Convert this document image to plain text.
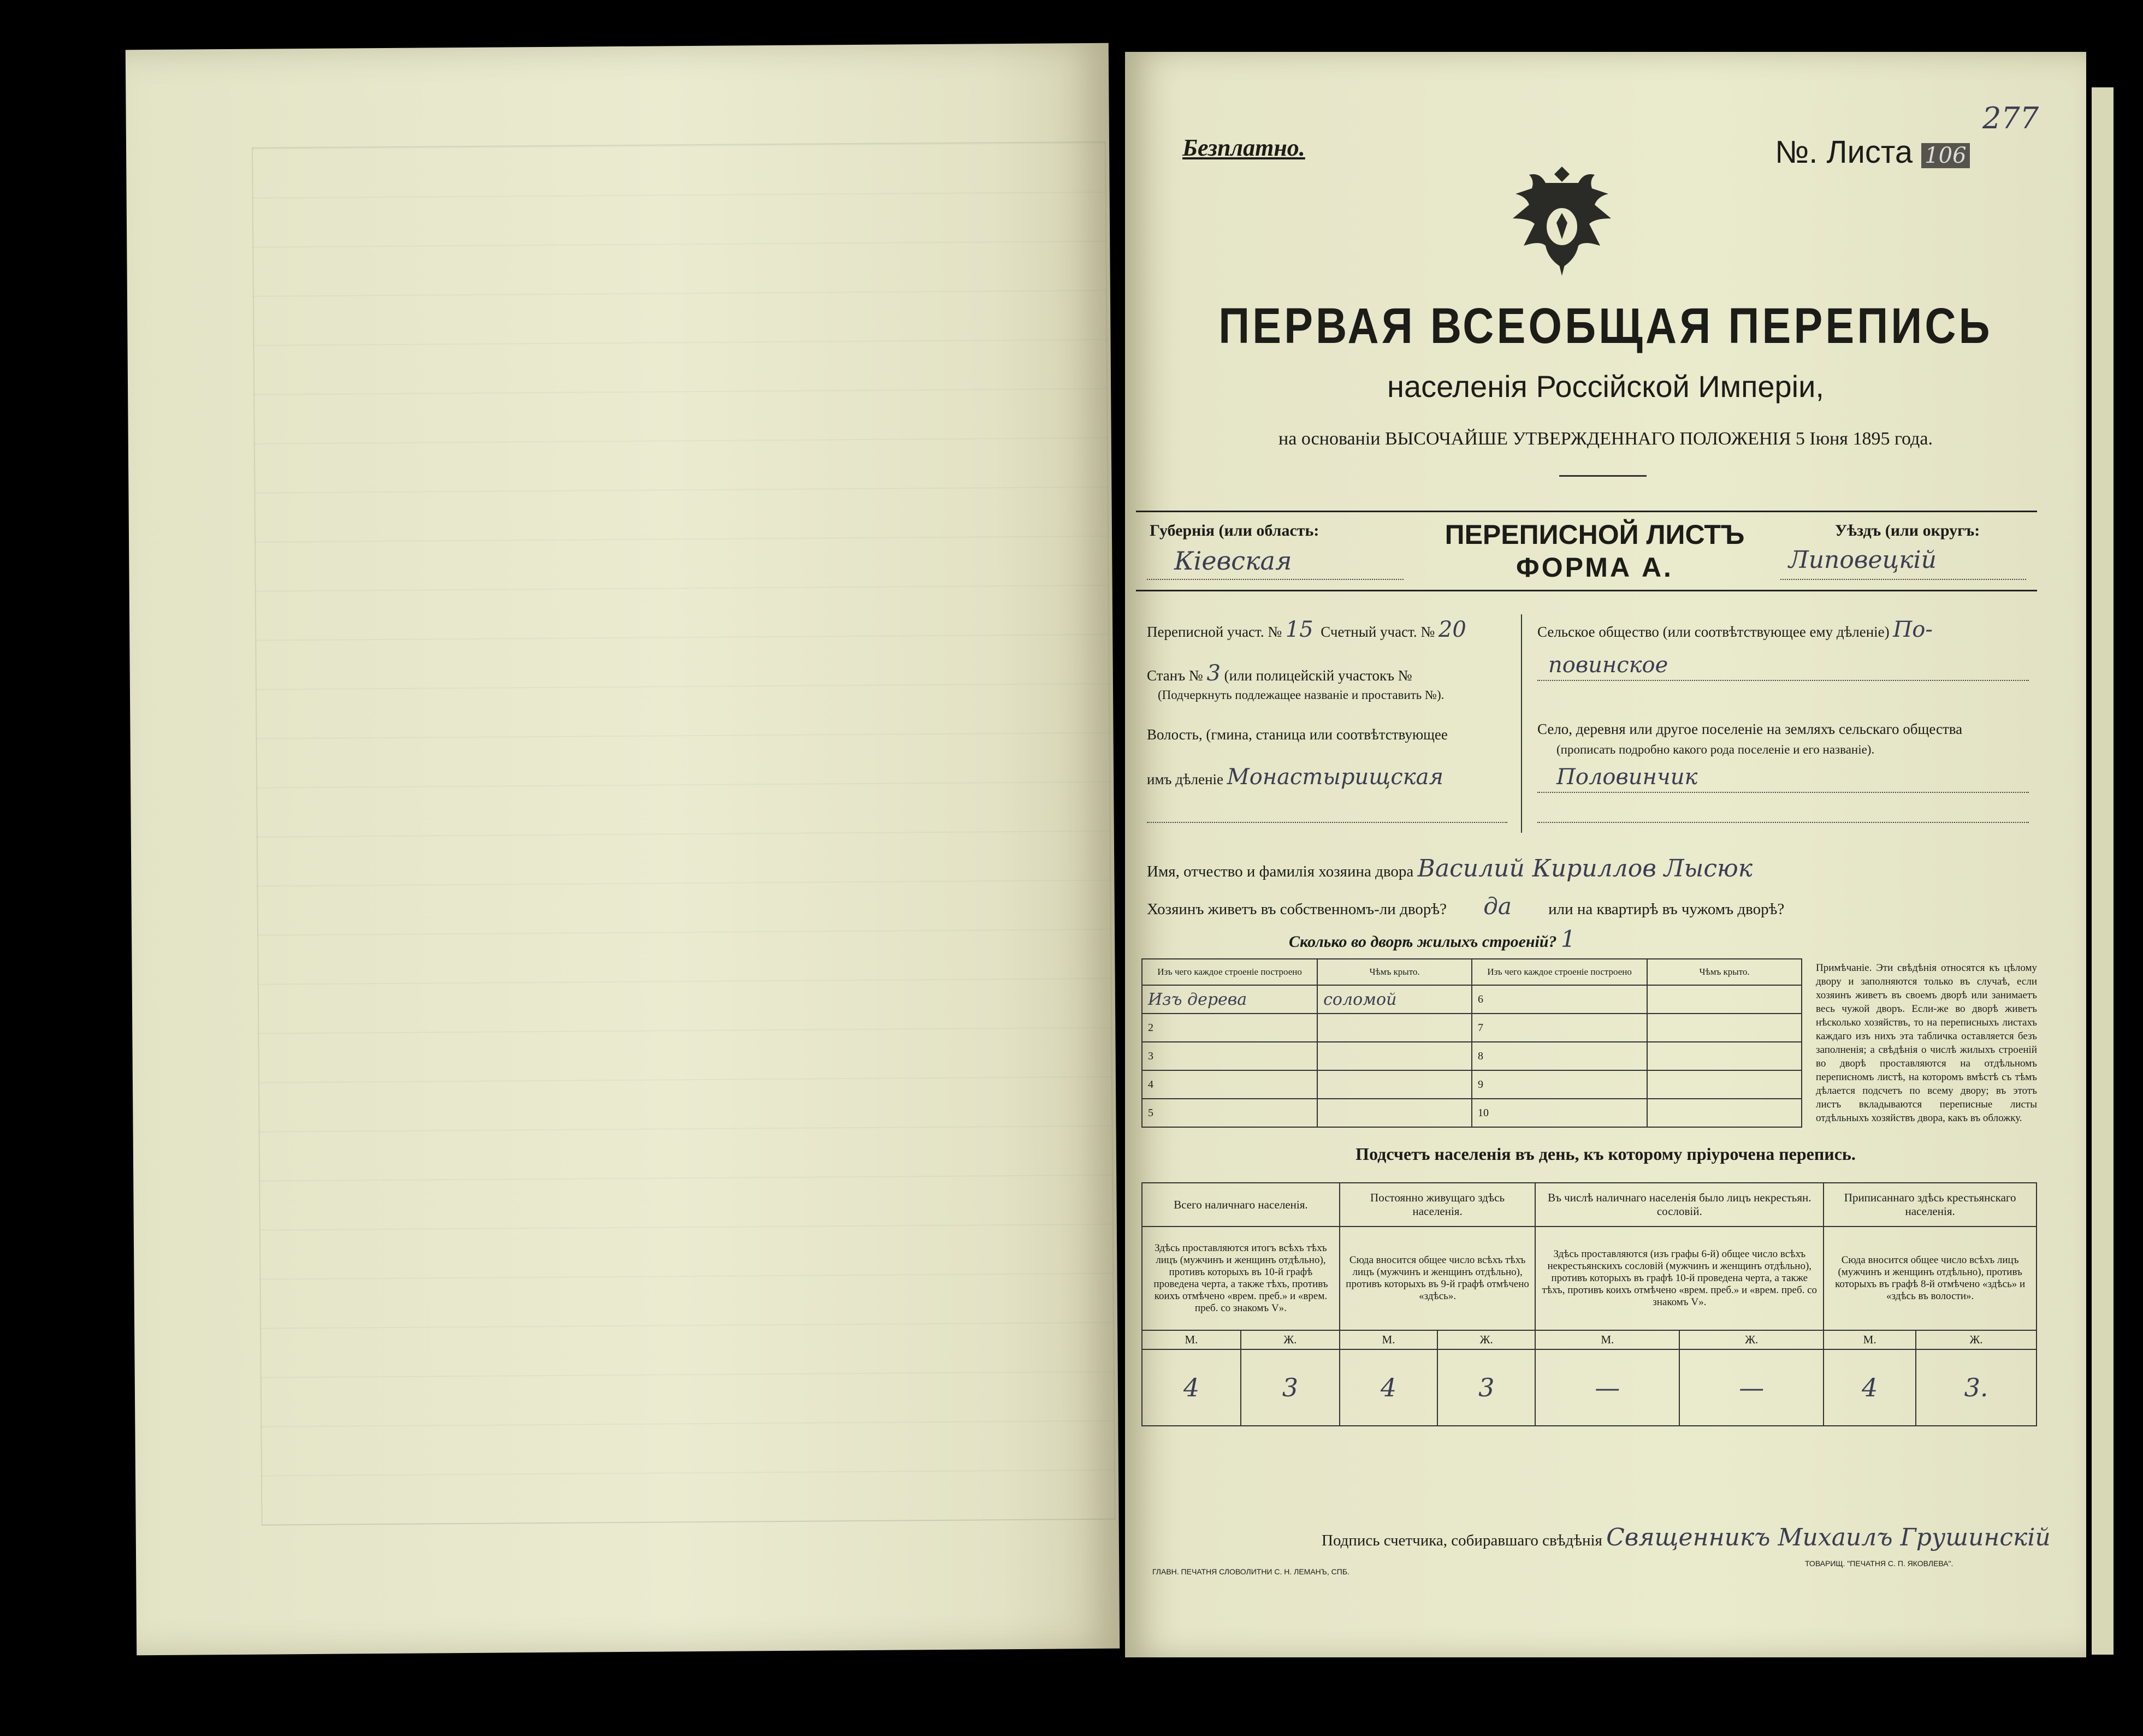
277
Безплатно.	№. Листа 106
ПЕРВАЯ ВСЕОБЩАЯ ПЕРЕПИСЬ
населенія Россійской Имперіи,
на основаніи ВЫСОЧАЙШЕ УТВЕРЖДЕННАГО ПОЛОЖЕНІЯ 5 Іюня 1895 года.
Губернія (или область:
Кіевская
ПЕРЕПИСНОЙ ЛИСТЪ
ФОРМА А.
Уѣздъ (или округъ:
Липовецкій
Переписной участ. № 15 Счетный участ. № 20
Станъ № 3 (или полицейскій участокъ №
(Подчеркнуть подлежащее названіе и проставить №).
Волость, (гмина, станица или соотвѣтствующее
имъ дѣленіе Монастырищская
Сельское общество (или соотвѣтствующее ему дѣленіе) По-
повинское
Село, деревня или другое поселеніе на земляхъ сельскаго общества
(прописать подробно какого рода поселеніе и его названіе).
Половинчик
Имя, отчество и фамилія хозяина двора Василий Кириллов Лысюк
Хозяинъ живетъ въ собственномъ-ли дворѣ? да или на квартирѣ въ чужомъ дворѣ?
Сколько во дворѣ жилыхъ строеній? 1
Изъ чего каждое строеніе построено	Чѣмъ крыто.	Изъ чего каждое строеніе построено	Чѣмъ крыто.
Изъ дерева	соломой	6	
2		7	
3		8	
4		9	
5		10	
Примѣчаніе. Эти свѣдѣнія относятся къ цѣлому двору и заполняются только въ случаѣ, если хозяинъ живетъ въ своемъ дворѣ или занимаетъ весь чужой дворъ. Если-же во дворѣ живетъ нѣсколько хозяйствъ, то на переписныхъ листахъ каждаго изъ нихъ эта табличка оставляется безъ заполненія; а свѣдѣнія о числѣ жилыхъ строеній во дворѣ проставляются на отдѣльномъ переписномъ листѣ, на которомъ вмѣстѣ съ тѣмъ дѣлается подсчетъ по всему двору; въ этотъ листъ вкладываются переписные листы отдѣльныхъ хозяйствъ двора, какъ въ обложку.
Подсчетъ населенія въ день, къ которому пріурочена перепись.
Всего наличнаго населенія.		Постоянно живущаго здѣсь населенія.		Въ числѣ наличнаго населенія было лицъ некрестьян. сословій.		Приписаннаго здѣсь крестьянскаго населенія.	
Здѣсь проставляются итогъ всѣхъ тѣхъ лицъ (мужчинъ и женщинъ отдѣльно), противъ которыхъ въ 10-й графѣ проведена черта, а также тѣхъ, противъ коихъ отмѣчено «врем. преб.» и «врем. преб. со знакомъ V».		Сюда вносится общее число всѣхъ тѣхъ лицъ (мужчинъ и женщинъ отдѣльно), противъ которыхъ въ 9-й графѣ отмѣчено «здѣсь».		Здѣсь проставляются (изъ графы 6-й) общее число всѣхъ некрестьянскихъ сословій (мужчинъ и женщинъ отдѣльно), противъ которыхъ въ графѣ 10-й проведена черта, а также тѣхъ, противъ коихъ отмѣчено «врем. преб.» и «врем. преб. со знакомъ V».		Сюда вносится общее число всѣхъ лицъ (мужчинъ и женщинъ отдѣльно), противъ которыхъ въ графѣ 8-й отмѣчено «здѣсь» и «здѣсь въ волости».	
М.	Ж.	М.	Ж.	М.	Ж.	М.	Ж.
4	3	4	3	—	—	4	3.
Подпись счетчика, собиравшаго свѣдѣнія Священникъ Михаилъ Грушинскій
ГЛАВН. ПЕЧАТНЯ СЛОВОЛИТНИ С. Н. ЛЕМАНЪ, СПБ.
ТОВАРИЩ. "ПЕЧАТНЯ С. П. ЯКОВЛЕВА".
